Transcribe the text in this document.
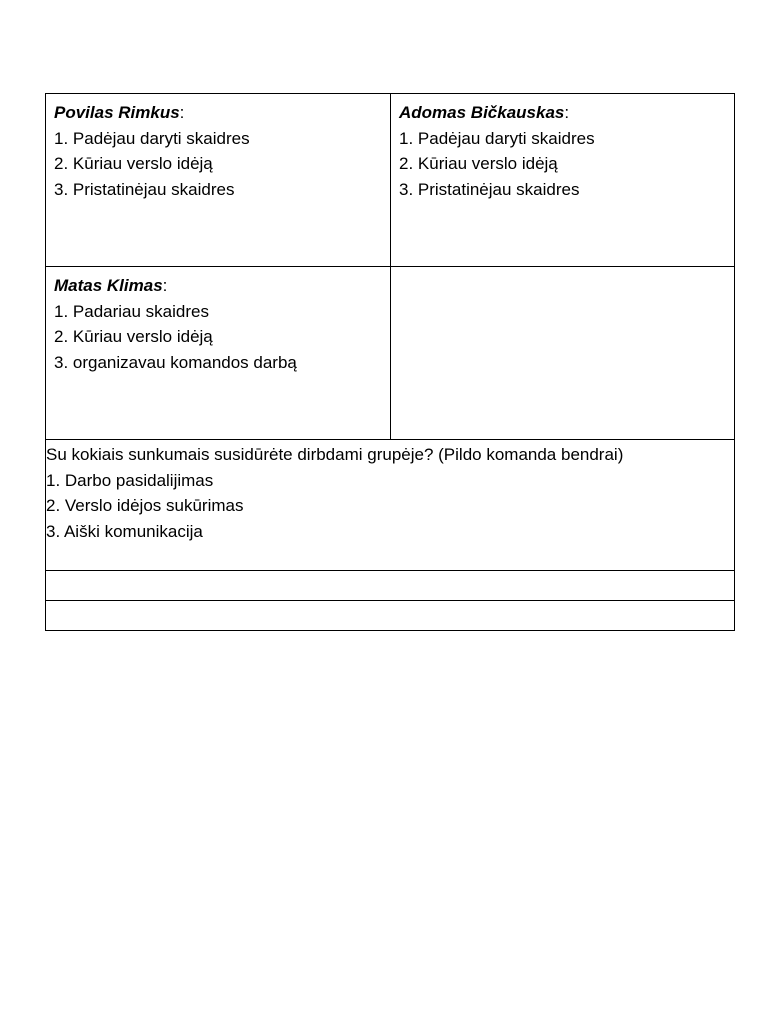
Povilas Rimkus:
1. Padėjau daryti skaidres
2. Kūriau verslo idėją
3. Pristatinėjau skaidres
Adomas Bičkauskas:
1. Padėjau daryti skaidres
2. Kūriau verslo idėją
3. Pristatinėjau skaidres
Matas Klimas:
1. Padariau skaidres
2. Kūriau verslo idėją
3. organizavau komandos darbą
Su kokiais sunkumais susidūrėte dirbdami grupėje? (Pildo komanda bendrai)
1. Darbo pasidalijimas
2. Verslo idėjos sukūrimas
3. Aiški komunikacija
